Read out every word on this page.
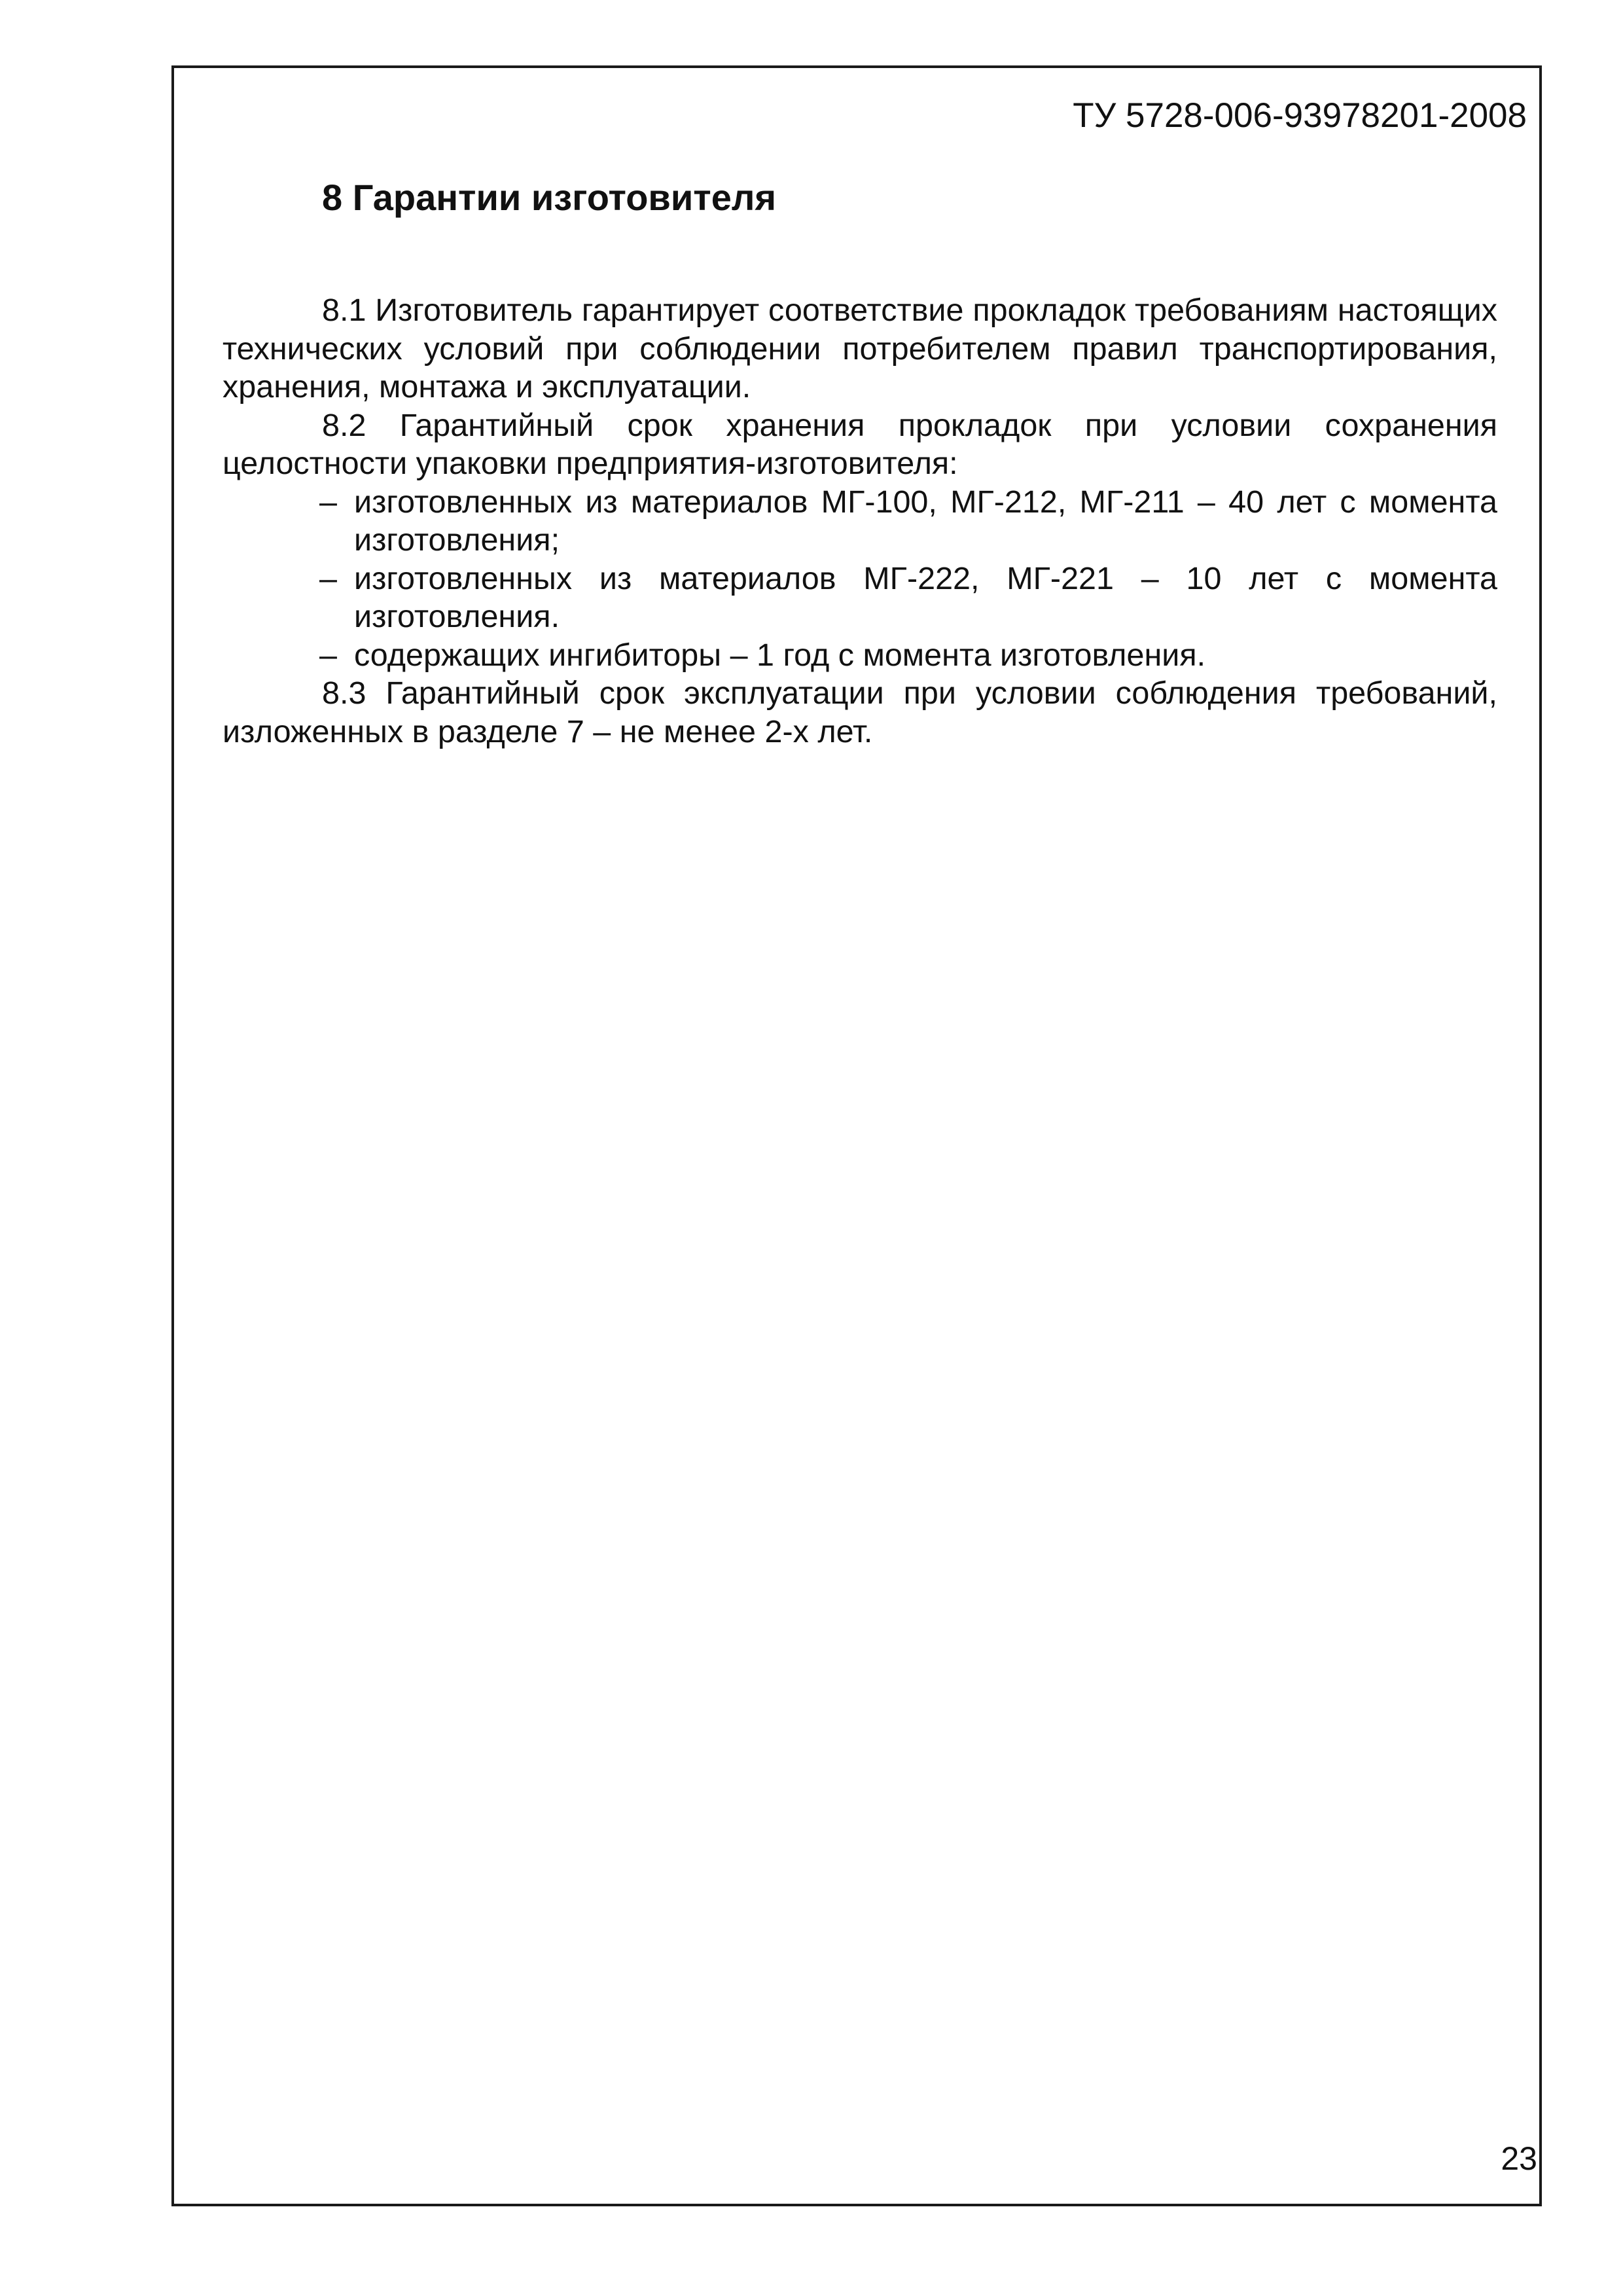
ТУ 5728-006-93978201-2008
8 Гарантии изготовителя

8.1 Изготовитель гарантирует соответствие прокладок требованиям настоящих технических условий при соблюдении потребителем правил транспортирования, хранения, монтажа и эксплуатации.

8.2 Гарантийный срок хранения прокладок при условии сохранения целостности упаковки предприятия-изготовителя:

– изготовленных из материалов МГ-100, МГ-212, МГ-211 – 40 лет с момента изготовления;

– изготовленных из материалов МГ-222, МГ-221 – 10 лет с момента изготовления.

– содержащих ингибиторы – 1 год с момента изготовления.

8.3 Гарантийный срок эксплуатации при условии соблюдения требований, изложенных в разделе 7 – не менее 2-х лет.

23
